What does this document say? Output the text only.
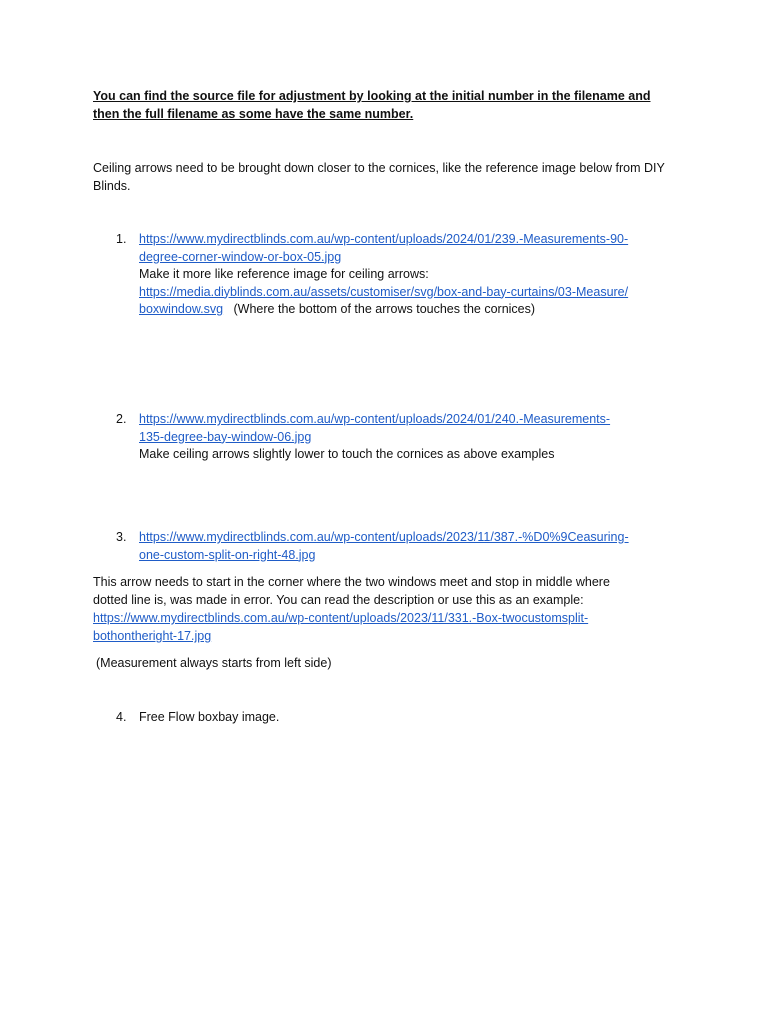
You can find the source file for adjustment by looking at the initial number in the filename and then the full filename as some have the same number.

Ceiling arrows need to be brought down closer to the cornices, like the reference image below from DIY Blinds.

1.	https://www.mydirectblinds.com.au/wp-content/uploads/2024/01/239.-Measurements-90-
degree-corner-window-or-box-05.jpg
Make it more like reference image for ceiling arrows:
https://media.diyblinds.com.au/assets/customiser/svg/box-and-bay-curtains/03-Measure/
boxwindow.svg (Where the bottom of the arrows touches the cornices)
2.	https://www.mydirectblinds.com.au/wp-content/uploads/2024/01/240.-Measurements-
135-degree-bay-window-06.jpg
Make ceiling arrows slightly lower to touch the cornices as above examples
3.	https://www.mydirectblinds.com.au/wp-content/uploads/2023/11/387.-%D0%9Ceasuring-
one-custom-split-on-right-48.jpg
This arrow needs to start in the corner where the two windows meet and stop in middle where
dotted line is, was made in error. You can read the description or use this as an example:
https://www.mydirectblinds.com.au/wp-content/uploads/2023/11/331.-Box-twocustomsplit-
bothontheright-17.jpg

(Measurement always starts from left side)

4.	Free Flow boxbay image.
